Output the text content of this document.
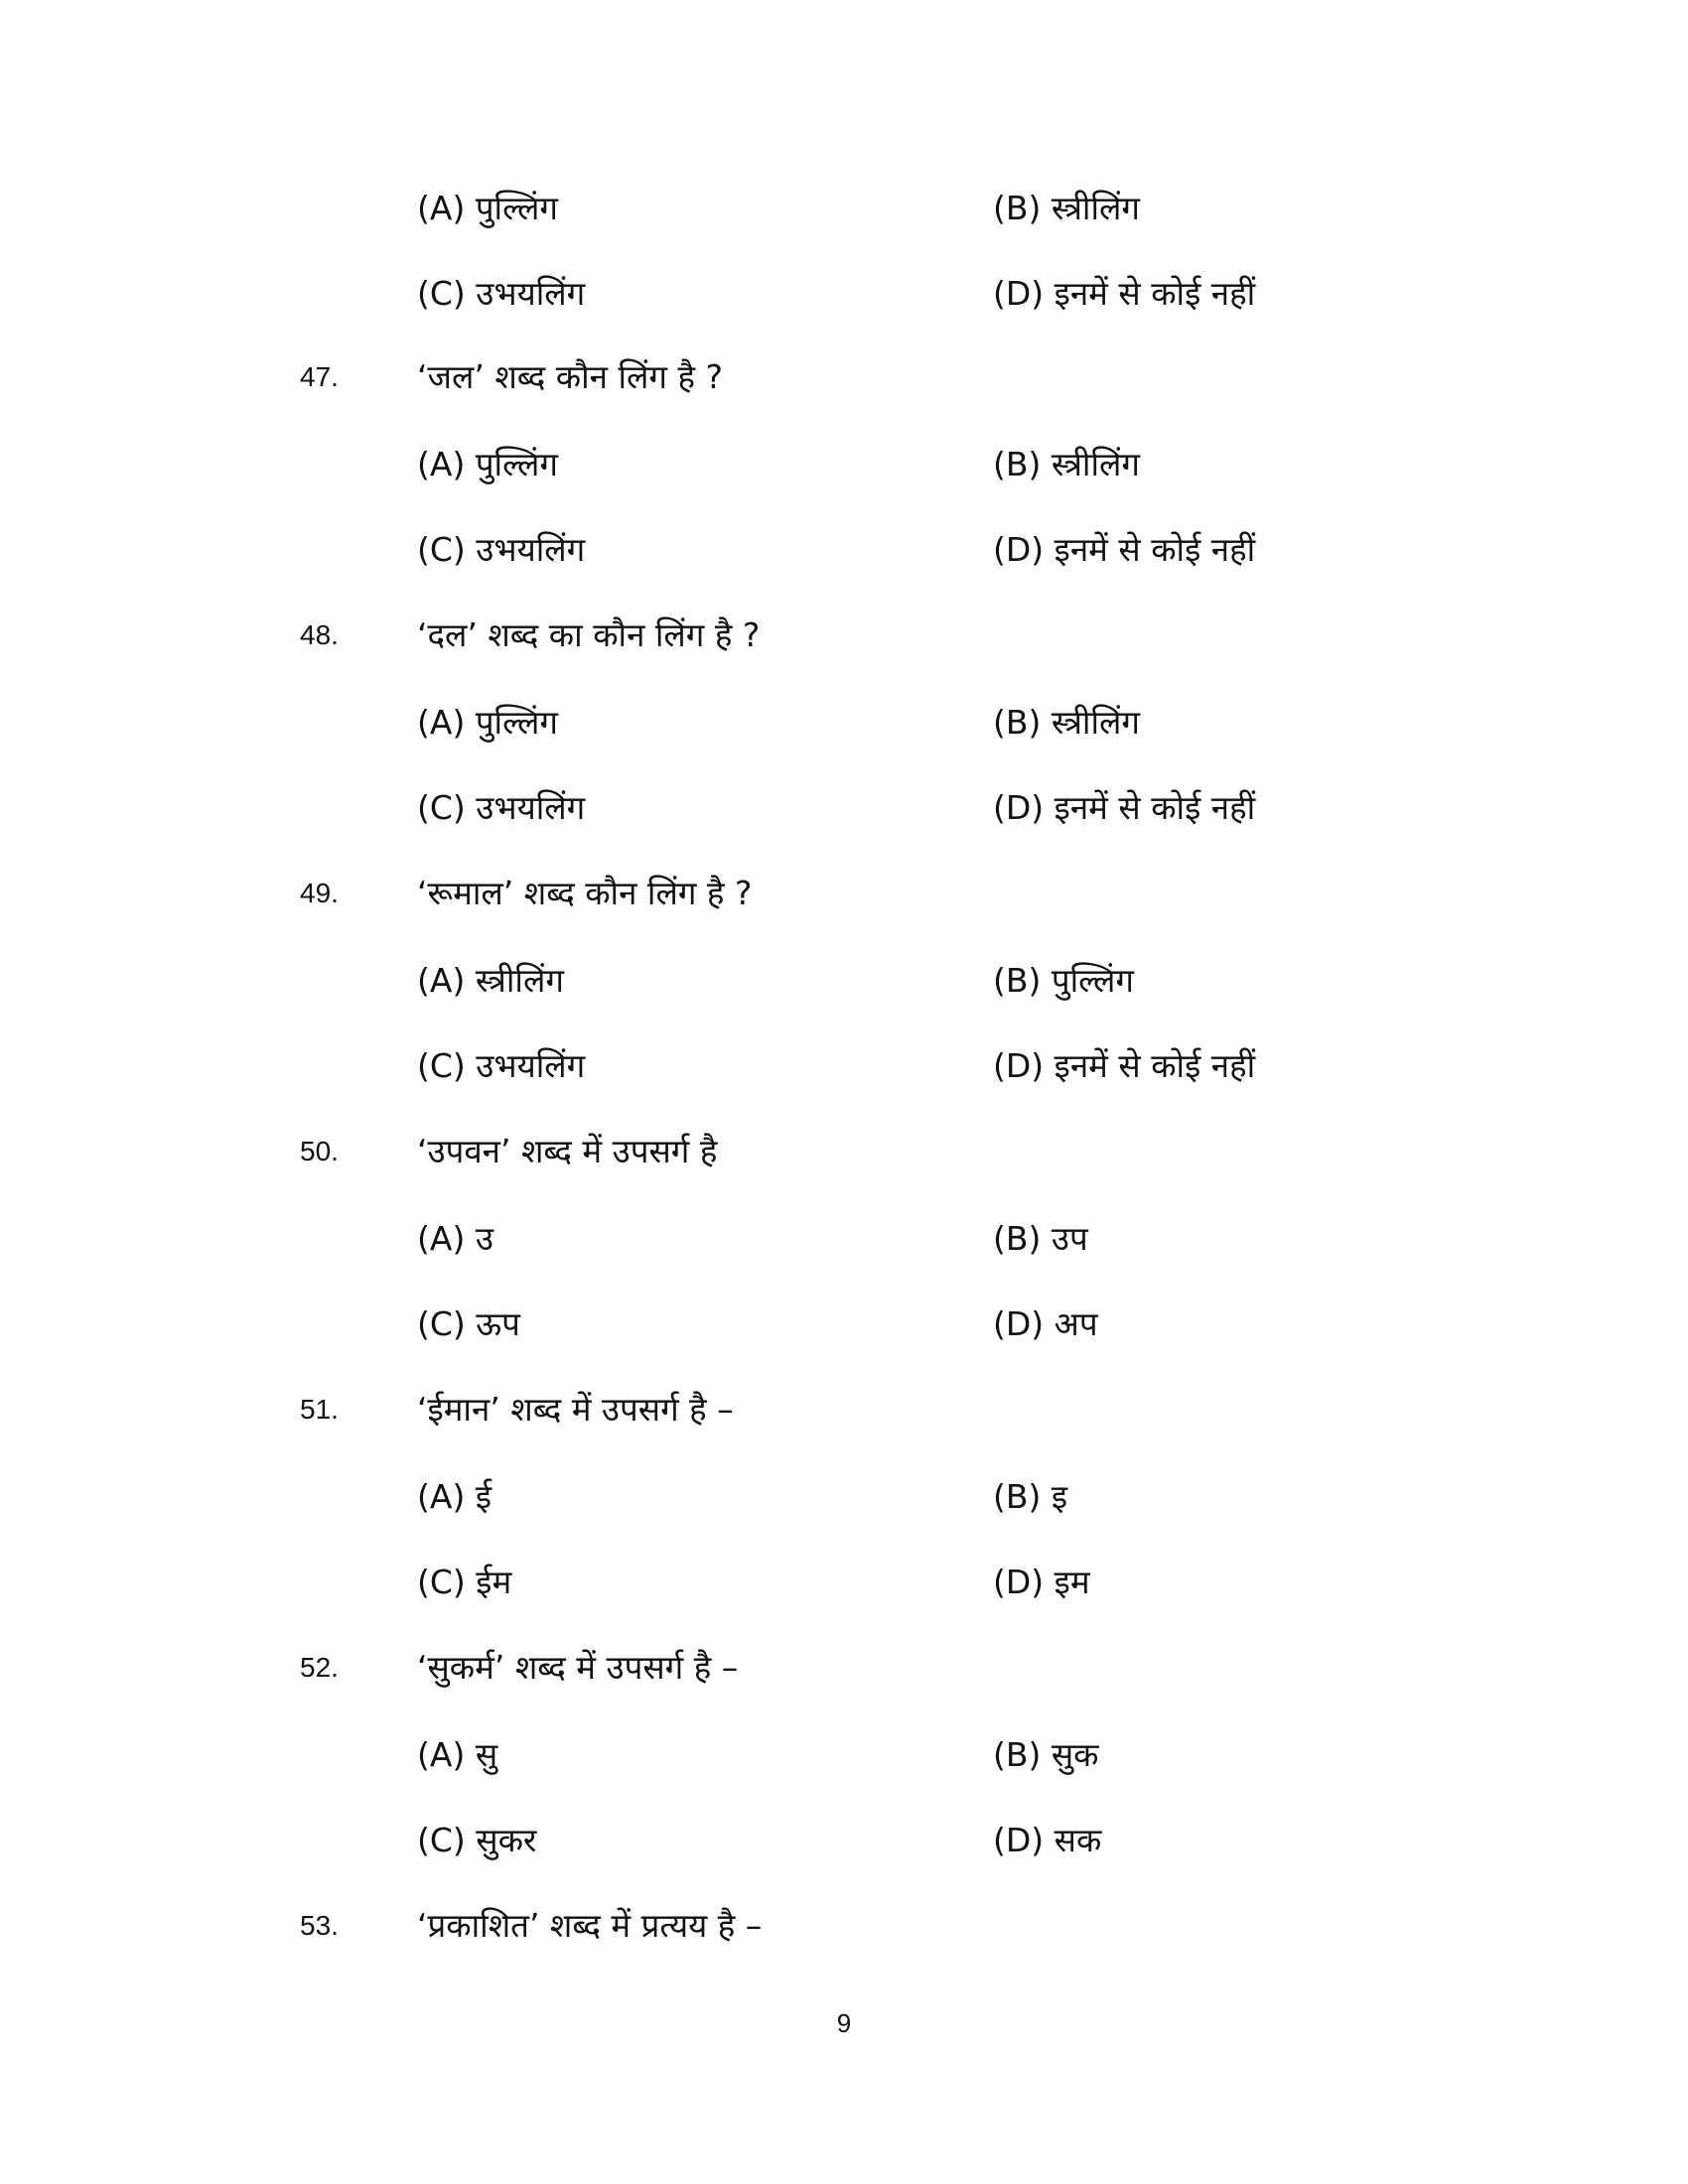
(A) पुल्लिंग	(B) स्त्रीलिंग
(C) उभयलिंग	(D) इनमें से कोई नहीं
47. ‘जल’ शब्द कौन लिंग है ?
(A) पुल्लिंग	(B) स्त्रीलिंग
(C) उभयलिंग	(D) इनमें से कोई नहीं
48. ‘दल’ शब्द का कौन लिंग है ?
(A) पुल्लिंग	(B) स्त्रीलिंग
(C) उभयलिंग	(D) इनमें से कोई नहीं
49. ‘रूमाल’ शब्द कौन लिंग है ?
(A) स्त्रीलिंग	(B) पुल्लिंग
(C) उभयलिंग	(D) इनमें से कोई नहीं
50. ‘उपवन’ शब्द में उपसर्ग है
(A) उ	(B) उप
(C) ऊप	(D) अप
51. ‘ईमान’ शब्द में उपसर्ग है –
(A) ई	(B) इ
(C) ईम	(D) इम
52. ‘सुकर्म’ शब्द में उपसर्ग है –
(A) सु	(B) सुक
(C) सुकर	(D) सक
53. ‘प्रकाशित’ शब्द में प्रत्यय है –
9
